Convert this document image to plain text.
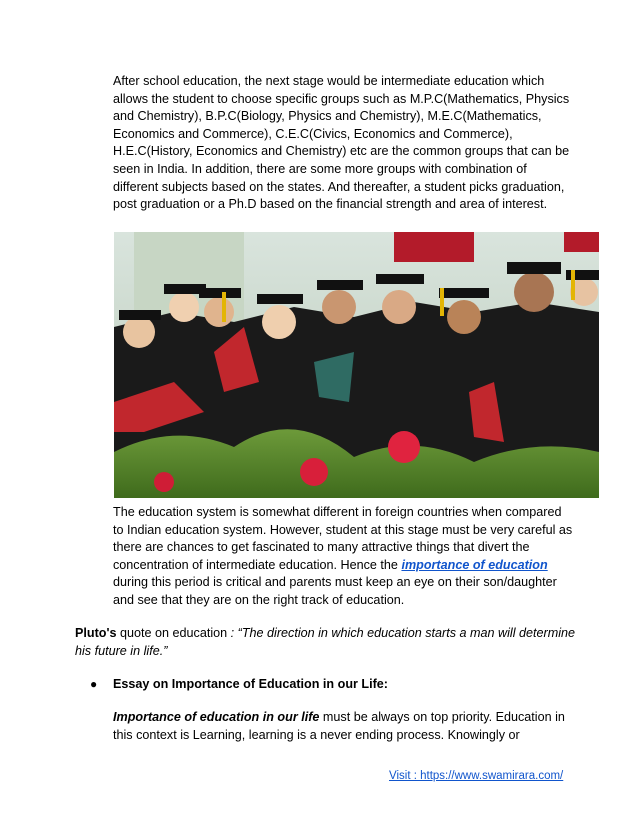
After school education, the next stage would be intermediate education which allows the student to choose specific groups such as M.P.C(Mathematics, Physics and Chemistry), B.P.C(Biology, Physics and Chemistry), M.E.C(Mathematics, Economics and Commerce), C.E.C(Civics, Economics and Commerce), H.E.C(History, Economics and Chemistry) etc are the common groups that can be seen in India. In addition, there are some more groups with combination of different subjects based on the states. And thereafter, a student picks graduation, post graduation or a Ph.D based on the financial strength and area of interest.

The education system is somewhat different in foreign countries when compared to Indian education system. However, student at this stage must be very careful as there are chances to get fascinated to many attractive things that divert the concentration of intermediate education. Hence the importance of education during this period is critical and parents must keep an eye on their son/daughter and see that they are on the right track of education.

Pluto's quote on education : “The direction in which education starts a man will determine his future in life.”

● Essay on Importance of Education in our Life:

Importance of education in our life must be always on top priority. Education in this context is Learning, learning is a never ending process. Knowingly or

Visit : https://www.swamirara.com/
